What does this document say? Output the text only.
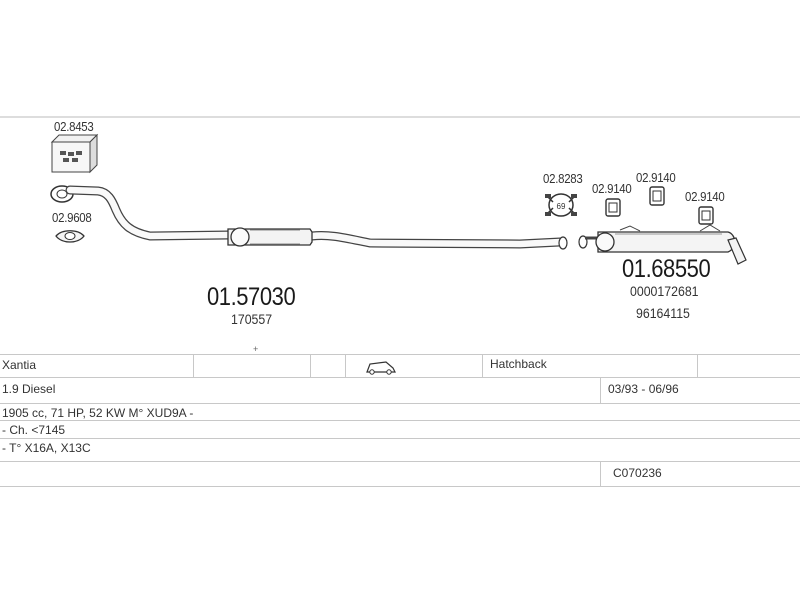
69
+
02.8453
02.9608
01.57030
170557
02.8283
02.9140
02.9140
02.9140
01.68550
0000172681
96164115
Xantia	Hatchback
1.9 Diesel	03/93 - 06/96
1905 cc, 71 HP, 52 KW M° XUD9A -
- Ch. <7145
- T° X16A, X13C
C070236
